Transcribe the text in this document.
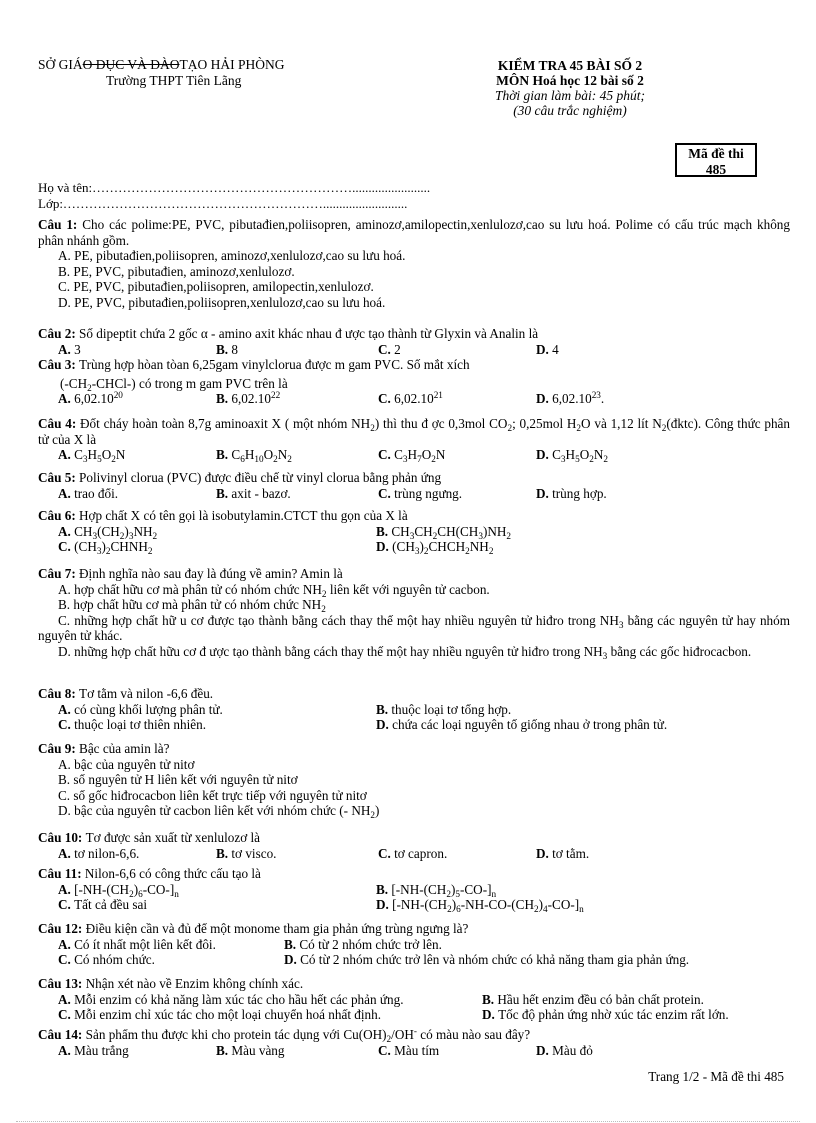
SỞ GIÁO DỤC VÀ ĐÀOTẠO HẢI PHÒNG
Trường THPT Tiên Lãng
KIỂM TRA 45 BÀI SỐ 2
MÔN Hoá học 12 bài số 2
Thời gian làm bài: 45 phút;
(30 câu trắc nghiệm)
Mã đề thi
485
Họ và tên:……………………………………………………........................
Lớp:……………………………………………………..........................
Câu 1: Cho các polime:PE, PVC, pibutađien,poliisopren, aminozơ,amilopectin,xenlulozơ,cao su lưu hoá. Polime có cấu trúc mạch không phân nhánh gồm.
A. PE, pibutađien,poliisopren, aminozơ,xenlulozơ,cao su lưu hoá.
B. PE, PVC, pibutađien, aminozơ,xenlulozơ.
C. PE, PVC, pibutađien,poliisopren, amilopectin,xenlulozơ.
D. PE, PVC, pibutađien,poliisopren,xenlulozơ,cao su lưu hoá.
Câu 2: Số dipeptit chứa 2 gốc α - amino axit khác nhau đ ược tạo thành từ Glyxin và Analin là
A. 3	B. 8	C. 2	D. 4
Câu 3: Trùng hợp hòan tòan 6,25gam vinylclorua được m gam PVC. Số mắt xích
$(-CH_2-CHCl-)$ có trong m gam PVC trên là
A. 6,02.10$^{20}$	B. 6,02.10$^{22}$	C. 6,02.10$^{21}$	D. 6,02.10$^{23}$.
Câu 4: Đốt cháy hoàn toàn 8,7g aminoaxit X ( một nhóm $NH_2$) thì thu đ ợc 0,3mol $CO_2$; 0,25mol $H_2O$ và 1,12 lít $N_2(đktc)$. Công thức phân tử của X là
A. $C_3H_5O_2N$	B. $C_6H_{10}O_2N_2$	C. $C_3H_7O_2N$	D. $C_3H_5O_2N_2$
Câu 5: Polivinyl clorua (PVC) được điều chế từ vinyl clorua bằng phản ứng
A. trao đổi.	B. axit - bazơ.	C. trùng ngưng.	D. trùng hợp.
Câu 6: Hợp chất X có tên gọi là isobutylamin.CTCT thu gọn của X là
A. $CH_3(CH_2)_3NH_2$	B. $CH_3CH_2CH(CH_3)NH_2$
C. $(CH_3)_2CHNH_2$	D. $(CH_3)_2CHCH_2NH_2$
Câu 7: Định nghĩa nào sau đay là đúng về amin? Amin là
A. hợp chất hữu cơ mà phân tử có nhóm chức $NH_2$ liên kết với nguyên tử cacbon.
B. hợp chất hữu cơ mà phân tử có nhóm chức $NH_2$
C. những hợp chất hữ u cơ được tạo thành bằng cách thay thế một hay nhiều nguyên tử hiđro trong $NH_3$ bằng các nguyên tử hay nhóm nguyên tử khác.
D. những hợp chất hữu cơ đ ược tạo thành bằng cách thay thế một hay nhiều nguyên tử hiđro trong $NH_3$ bằng các gốc hiđrocacbon.
Câu 8: Tơ tằm và nilon -6,6 đều.
A. có cùng khối lượng phân tử.	B. thuộc loại tơ tổng hợp.
C. thuộc loại tơ thiên nhiên.	D. chứa các loại nguyên tố giống nhau ở trong phân tử.
Câu 9: Bậc của amin là?
A. bậc của nguyên tử nitơ
B. số nguyên tử H liên kết với nguyên tử nitơ
C. số gốc hiđrocacbon liên kết trực tiếp với nguyên tử nitơ
D. bậc của nguyên tử cacbon liên kết với nhóm chức (- $NH_2$)
Câu 10: Tơ được sản xuất từ xenlulozơ là
A. tơ nilon-6,6.	B. tơ visco.	C. tơ capron.	D. tơ tằm.
Câu 11: Nilon-6,6 có công thức cấu tạo là
A. $[-NH-(CH_2)_6-CO-]_n$	B. $[-NH-(CH_2)_5-CO-]_n$
C. Tất cả đều sai	D. $[-NH-(CH_2)_6-NH-CO-(CH_2)_4-CO-]_n$
Câu 12: Điều kiện cần và đủ để một monome tham gia phản ứng trùng ngưng là?
A. Có ít nhất một liên kết đôi.	B. Có từ 2 nhóm chức trở lên.
C. Có nhóm chức.	D. Có từ 2 nhóm chức trở lên và nhóm chức có khả năng tham gia phản ứng.
Câu 13: Nhận xét nào về Enzim không chính xác.
A. Mỗi enzim có khả năng làm xúc tác cho hầu hết các phản ứng.	B. Hầu hết enzim đều có bản chất protein.
C. Mỗi enzim chỉ xúc tác cho một loại chuyển hoá nhất định.	D. Tốc độ phản ứng nhờ xúc tác enzim rất lớn.
Câu 14: Sản phẩm thu được khi cho protein tác dụng với $Cu(OH)_2/OH^-$ có màu nào sau đây?
A. Màu trắng	B. Màu vàng	C. Màu tím	D. Màu đỏ
Trang 1/2 - Mã đề thi 485
